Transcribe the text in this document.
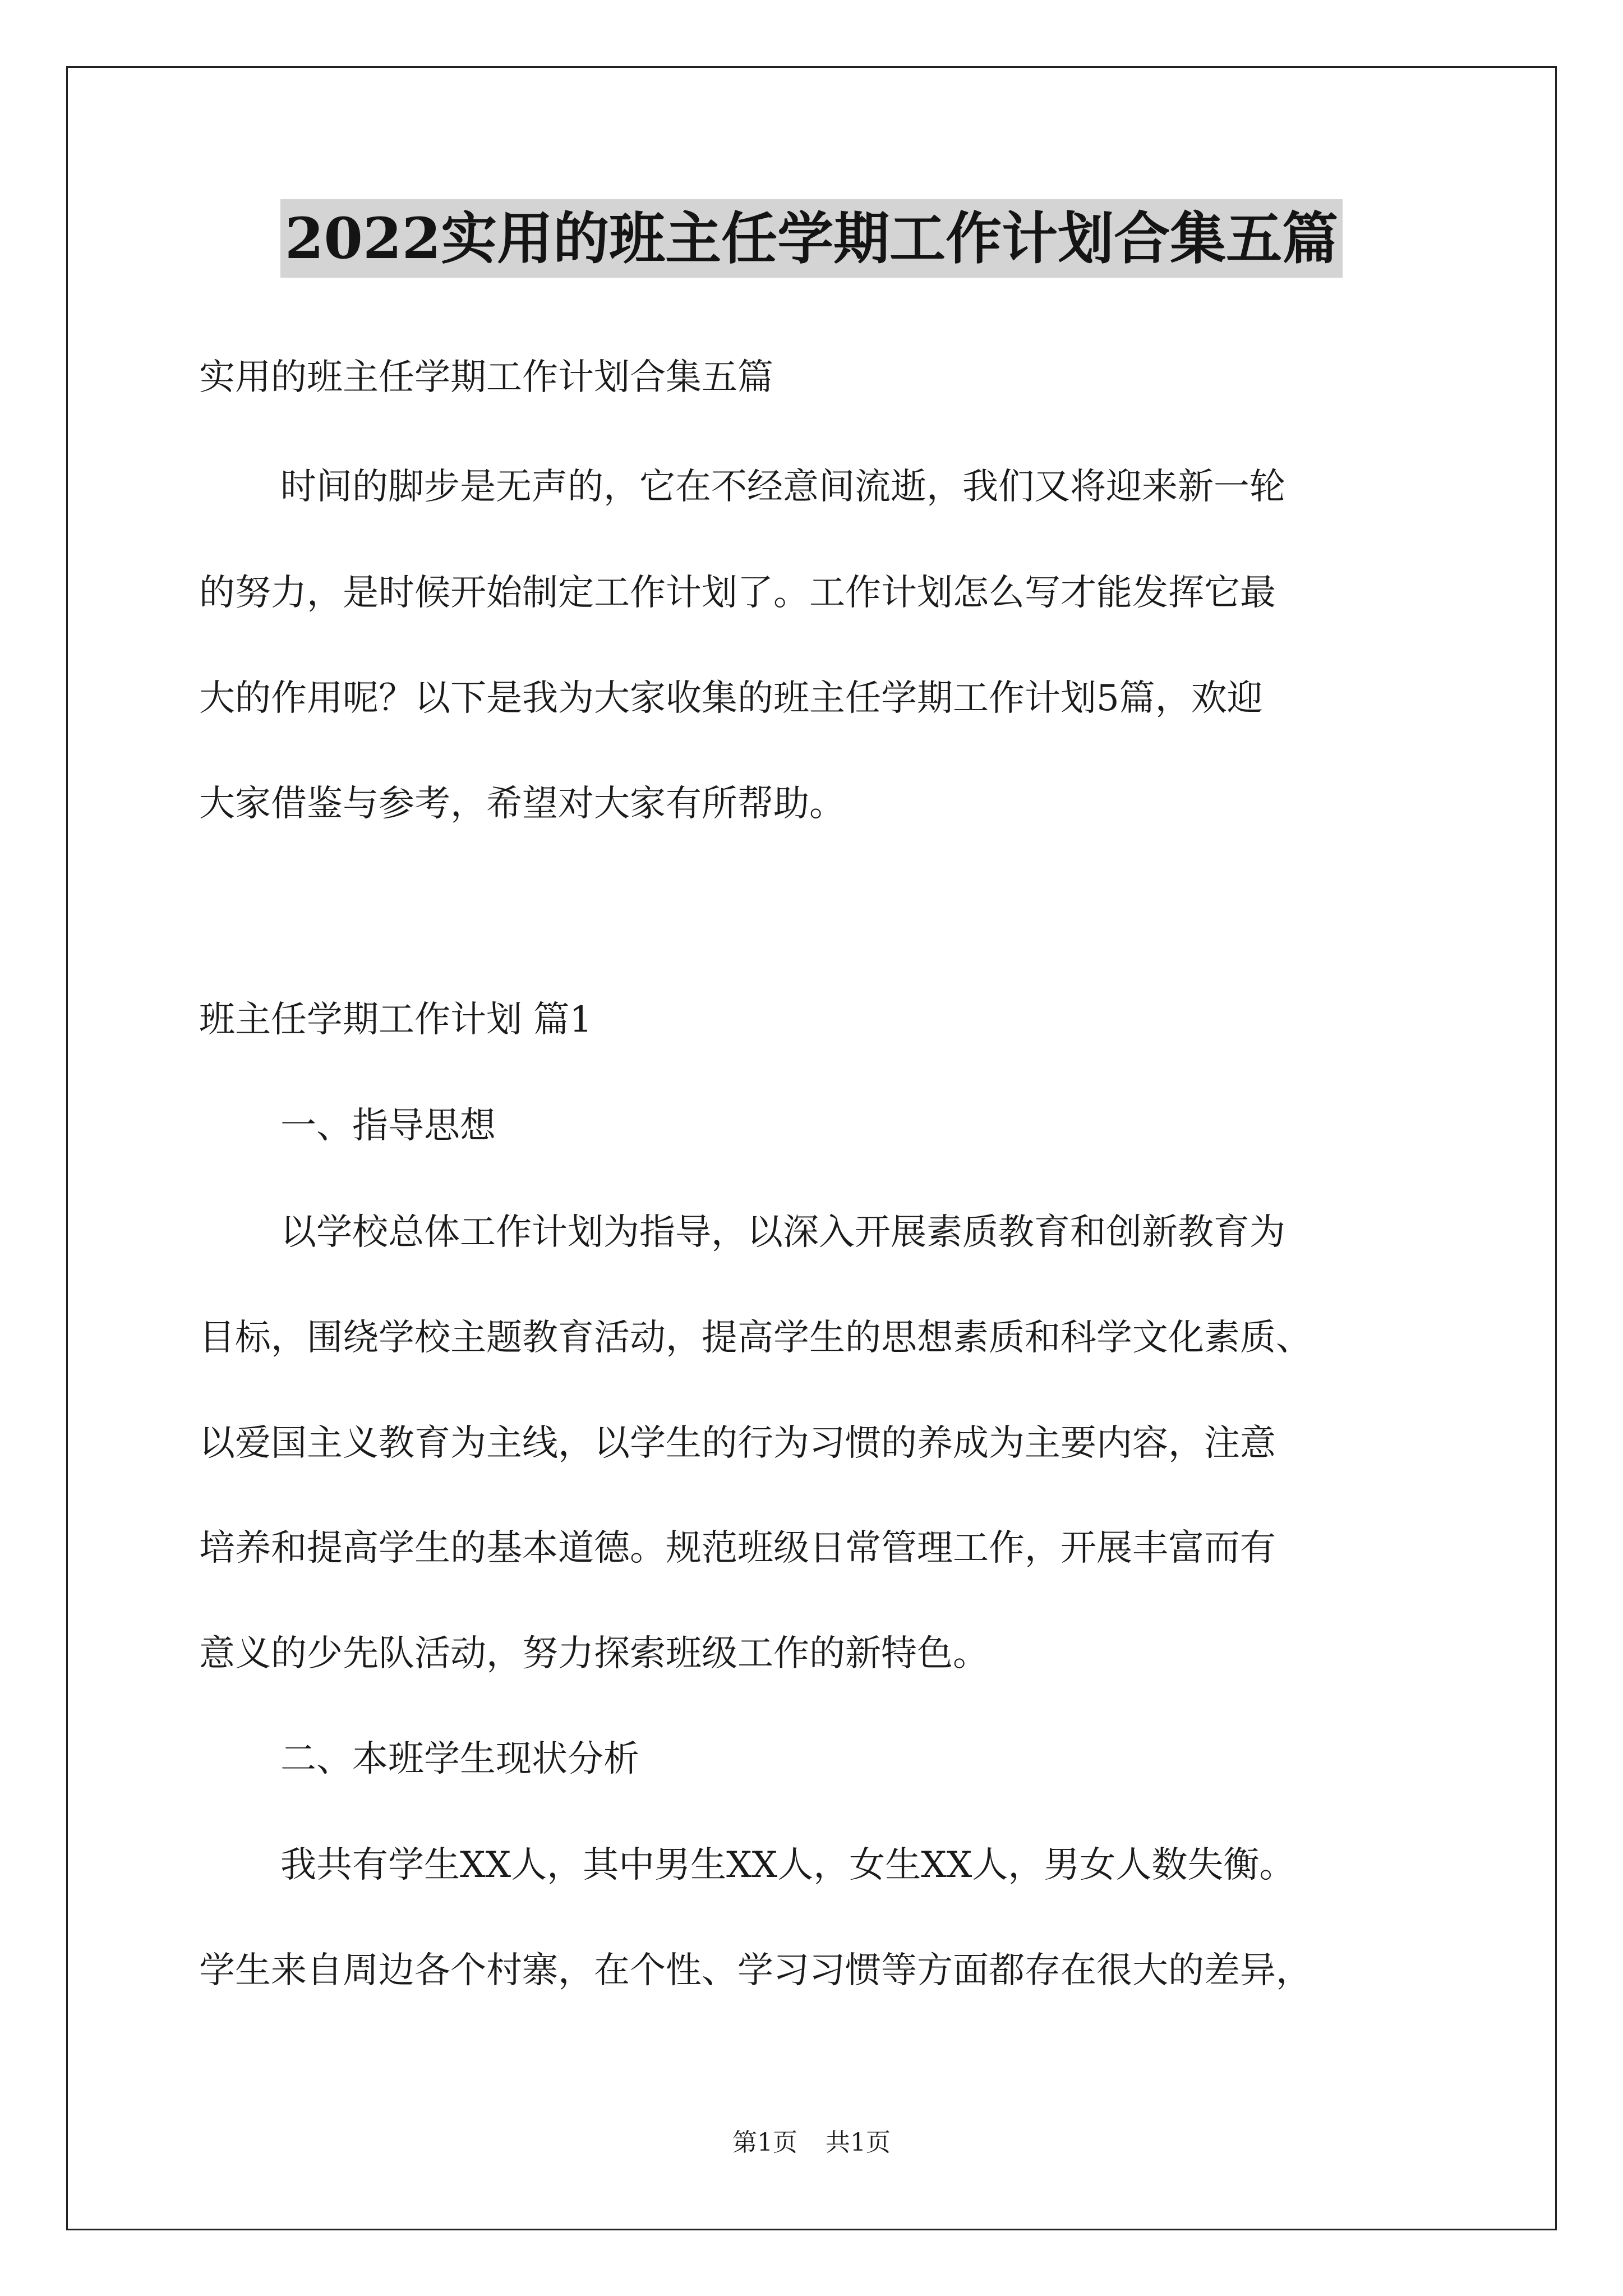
2022实用的班主任学期工作计划合集五篇
实用的班主任学期工作计划合集五篇
时间的脚步是无声的，它在不经意间流逝，我们又将迎来新一轮
的努力，是时候开始制定工作计划了。工作计划怎么写才能发挥它最
大的作用呢？以下是我为大家收集的班主任学期工作计划5篇，欢迎
大家借鉴与参考，希望对大家有所帮助。
班主任学期工作计划 篇1
一、指导思想
以学校总体工作计划为指导，以深入开展素质教育和创新教育为
目标，围绕学校主题教育活动，提高学生的思想素质和科学文化素质、
以爱国主义教育为主线，以学生的行为习惯的养成为主要内容，注意
培养和提高学生的基本道德。规范班级日常管理工作，开展丰富而有
意义的少先队活动，努力探索班级工作的新特色。
二、本班学生现状分析
我共有学生XX人，其中男生XX人，女生XX人，男女人数失衡。
学生来自周边各个村寨，在个性、学习习惯等方面都存在很大的差异，
第1页 共1页
